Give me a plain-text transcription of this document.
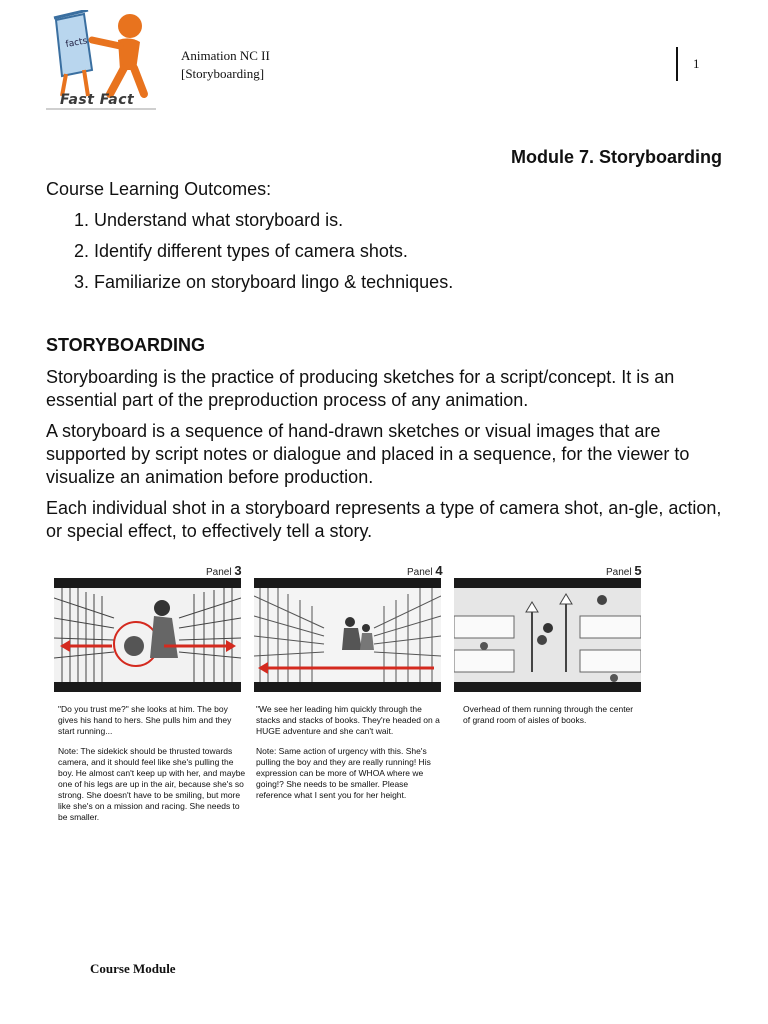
facts
Fast Fact
Animation NC II
[Storyboarding]
1
Module 7. Storyboarding
Course Learning Outcomes:
1. Understand what storyboard is.
2. Identify different types of camera shots.
3. Familiarize on storyboard lingo & techniques.
STORYBOARDING
Storyboarding is the practice of producing sketches for a script/concept. It is an essential part of the preproduction process of any animation.
A storyboard is a sequence of hand-drawn sketches or visual images that are supported by script notes or dialogue and placed in a sequence, for the viewer to visualize an animation before production.
Each individual shot in a storyboard represents a type of camera shot, an-gle, action, or special effect, to effectively tell a story.
Panel 3	Panel 4	Panel 5

"Do you trust me?" she looks at him. The boy gives his hand to hers. She pulls him and they start running...

Note: The sidekick should be thrusted towards camera, and it should feel like she's pulling the boy. He almost can't keep up with her, and maybe one of his legs are up in the air, because she's so strong. She doesn't have to be smiling, but more like she's on a mission and racing. She needs to be smaller.

"We see her leading him quickly through the stacks and stacks of books. They're headed on a HUGE adventure and she can't wait.

Note: Same action of urgency with this. She's pulling the boy and they are really running! His expression can be more of WHOA where we going!? She needs to be smaller. Please reference what I sent you for her height.

Overhead of them running through the center of grand room of aisles of books.

Course Module
